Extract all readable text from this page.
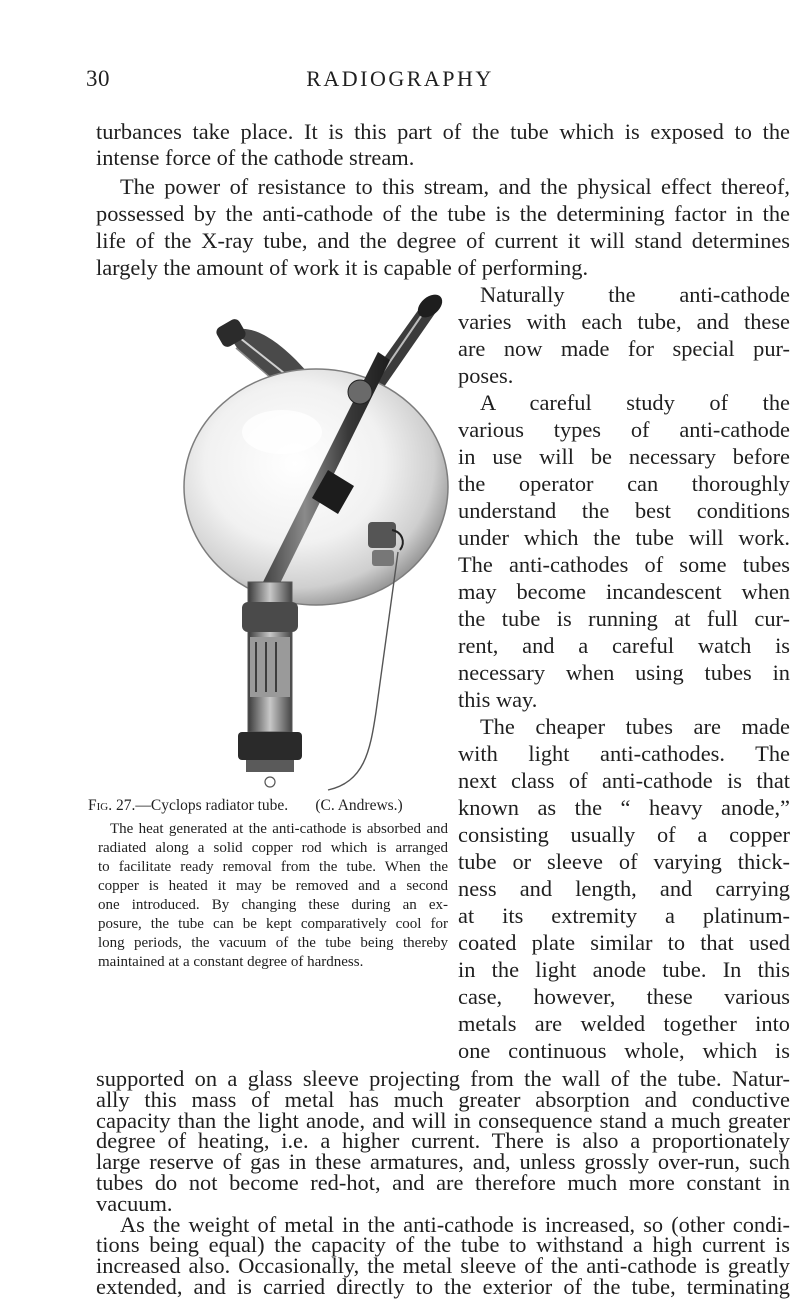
30	RADIOGRAPHY
turbances take place. It is this part of the tube which is exposed to the
intense force of the cathode stream.
The power of resistance to this stream, and the physical effect thereof,
possessed by the anti-cathode of the tube is the determining factor in the
life of the X-ray tube, and the degree of current it will stand determines
largely the amount of work it is capable of performing.
Naturally the anti-cathode
varies with each tube, and these
are now made for special pur-
poses.
A careful study of the
various types of anti-cathode
in use will be necessary before
the operator can thoroughly
understand the best conditions
under which the tube will work.
The anti-cathodes of some tubes
may become incandescent when
the tube is running at full cur-
rent, and a careful watch is
necessary when using tubes in
this way.
The cheaper tubes are made
with light anti-cathodes. The
next class of anti-cathode is that
known as the “ heavy anode,”
consisting usually of a copper
tube or sleeve of varying thick-
ness and length, and carrying
at its extremity a platinum-
coated plate similar to that used
in the light anode tube. In this
case, however, these various
metals are welded together into
one continuous whole, which is
Fig. 27.—Cyclops radiator tube. (C. Andrews.)
The heat generated at the anti-cathode is absorbed and
radiated along a solid copper rod which is arranged
to facilitate ready removal from the tube. When the
copper is heated it may be removed and a second
one introduced. By changing these during an ex-
posure, the tube can be kept comparatively cool for
long periods, the vacuum of the tube being thereby
maintained at a constant degree of hardness.
supported on a glass sleeve projecting from the wall of the tube. Natur-
ally this mass of metal has much greater absorption and conductive
capacity than the light anode, and will in consequence stand a much greater
degree of heating, i.e. a higher current. There is also a proportionately
large reserve of gas in these armatures, and, unless grossly over-run, such
tubes do not become red-hot, and are therefore much more constant in
vacuum.
As the weight of metal in the anti-cathode is increased, so (other condi-
tions being equal) the capacity of the tube to withstand a high current is
increased also. Occasionally, the metal sleeve of the anti-cathode is greatly
extended, and is carried directly to the exterior of the tube, terminating
